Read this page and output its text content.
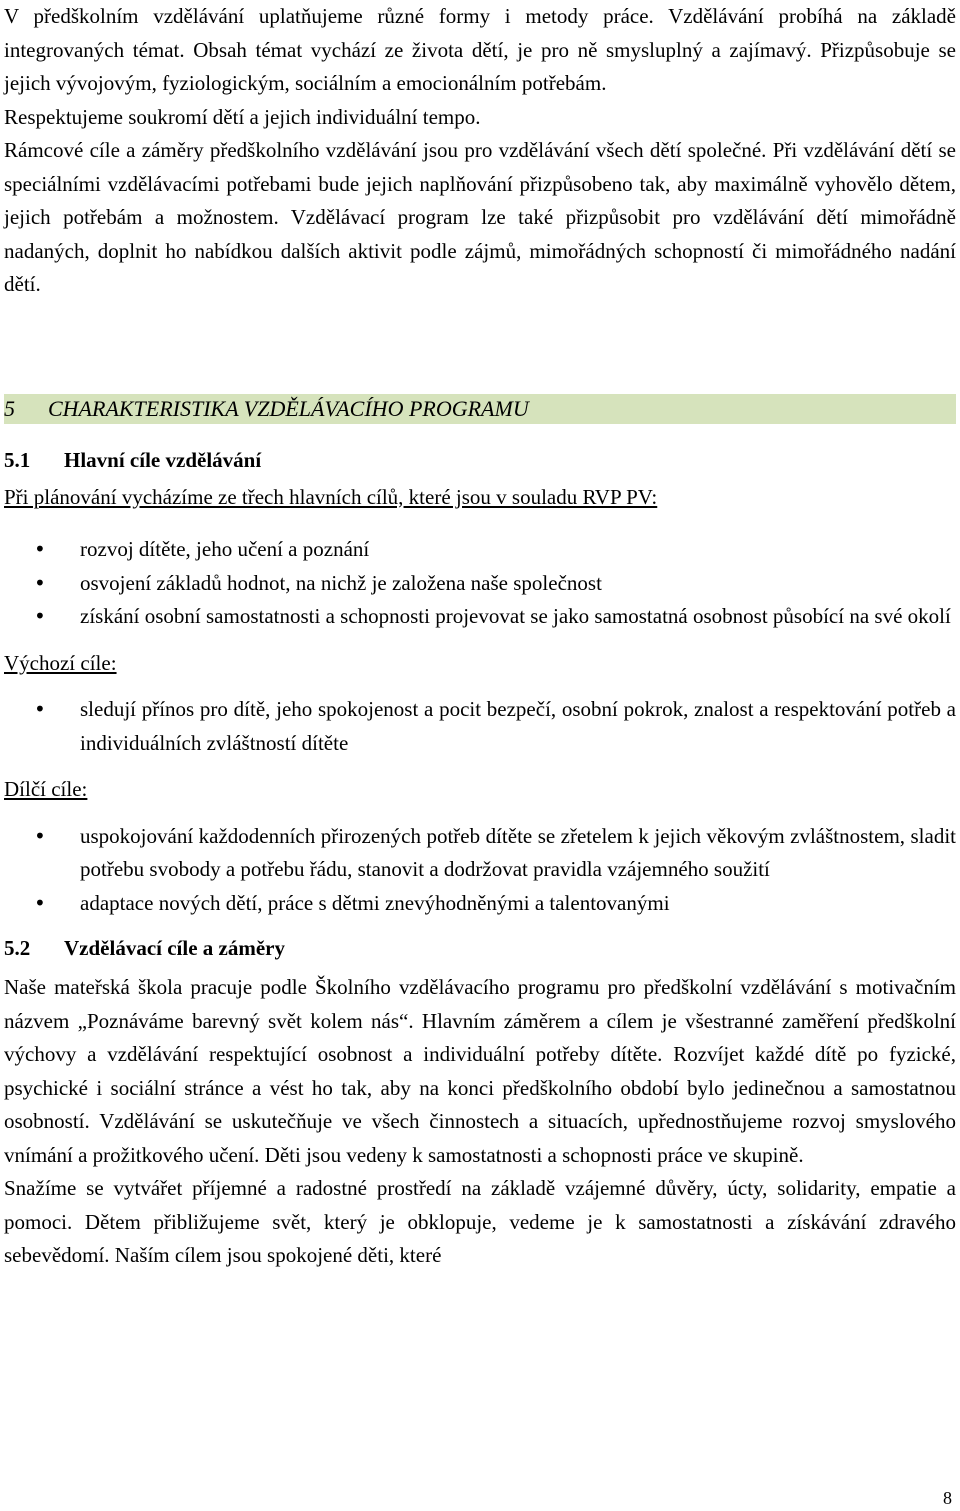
V předškolním vzdělávání uplatňujeme různé formy i metody práce. Vzdělávání probíhá na základě integrovaných témat. Obsah témat vychází ze života dětí, je pro ně smysluplný a zajímavý. Přizpůsobuje se jejich vývojovým, fyziologickým, sociálním a emocionálním potřebám.

Respektujeme soukromí dětí a jejich individuální tempo.

Rámcové cíle a záměry předškolního vzdělávání jsou pro vzdělávání všech dětí společné. Při vzdělávání dětí se speciálními vzdělávacími potřebami bude jejich naplňování přizpůsobeno tak, aby maximálně vyhovělo dětem, jejich potřebám a možnostem. Vzdělávací program lze také přizpůsobit pro vzdělávání dětí mimořádně nadaných, doplnit ho nabídkou dalších aktivit podle zájmů, mimořádných schopností či mimořádného nadání dětí.

5	CHARAKTERISTIKA VZDĚLÁVACÍHO PROGRAMU
5.1	Hlavní cíle vzdělávání

Při plánování vycházíme ze třech hlavních cílů, které jsou v souladu RVP PV:

• rozvoj dítěte, jeho učení a poznání
• osvojení základů hodnot, na nichž je založena naše společnost
• získání osobní samostatnosti a schopnosti projevovat se jako samostatná osobnost působící na své okolí

Výchozí cíle:

• sledují přínos pro dítě, jeho spokojenost a pocit bezpečí, osobní pokrok, znalost a respektování potřeb a individuálních zvláštností dítěte

Dílčí cíle:

• uspokojování každodenních přirozených potřeb dítěte se zřetelem k jejich věkovým zvláštnostem, sladit potřebu svobody a potřebu řádu, stanovit a dodržovat pravidla vzájemného soužití
• adaptace nových dětí, práce s dětmi znevýhodněnými a talentovanými
5.2	Vzdělávací cíle a záměry

Naše mateřská škola pracuje podle Školního vzdělávacího programu pro předškolní vzdělávání s motivačním názvem „Poznáváme barevný svět kolem nás“. Hlavním záměrem a cílem je všestranné zaměření předškolní výchovy a vzdělávání respektující osobnost a individuální potřeby dítěte. Rozvíjet každé dítě po fyzické, psychické i sociální stránce a vést ho tak, aby na konci předškolního období bylo jedinečnou a samostatnou osobností. Vzdělávání se uskutečňuje ve všech činnostech a situacích, upřednostňujeme rozvoj smyslového vnímání a prožitkového učení. Děti jsou vedeny k samostatnosti a schopnosti práce ve skupině.

Snažíme se vytvářet příjemné a radostné prostředí na základě vzájemné důvěry, úcty, solidarity, empatie a pomoci. Dětem přibližujeme svět, který je obklopuje, vedeme je k samostatnosti a získávání zdravého sebevědomí. Naším cílem jsou spokojené děti, které

8
